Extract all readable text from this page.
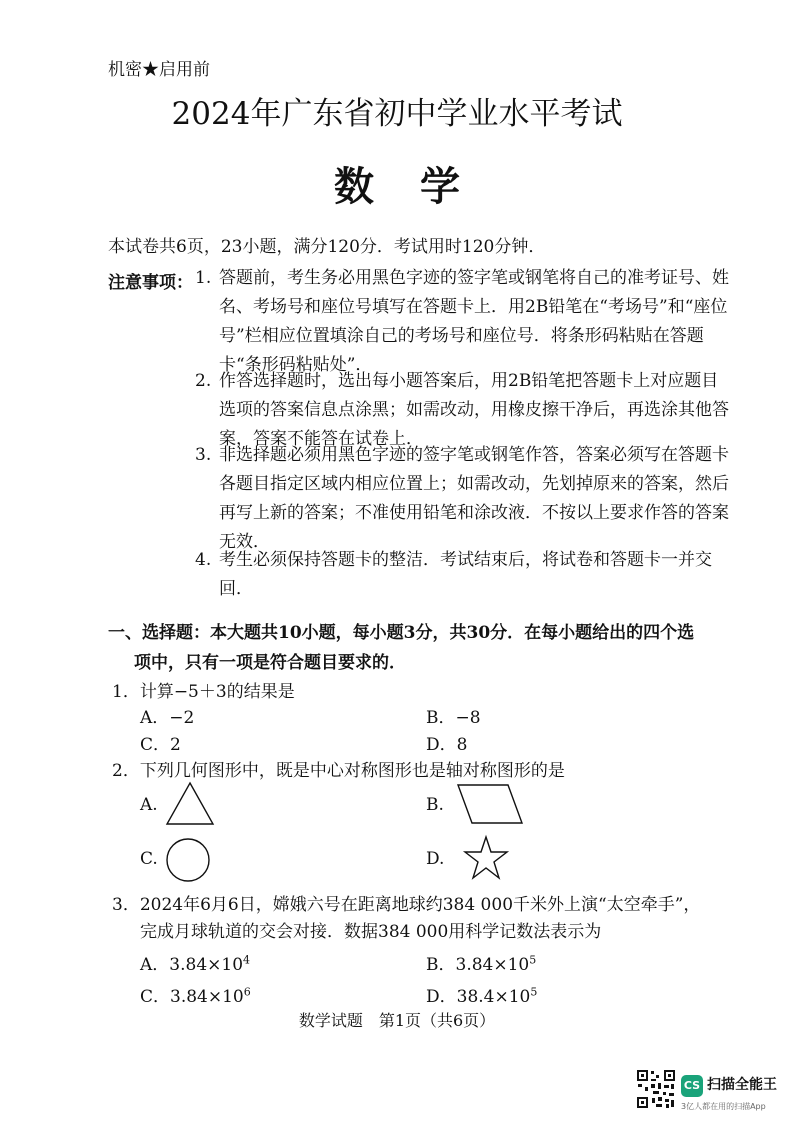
机密★启用前
2024年广东省初中学业水平考试
数学
本试卷共6页，23小题，满分120分．考试用时120分钟．
注意事项： 1. 答题前，考生务必用黑色字迹的签字笔或钢笔将自己的准考证号、姓名、考场号和座位号填写在答题卡上．用2B铅笔在“考场号”和“座位号”栏相应位置填涂自己的考场号和座位号．将条形码粘贴在答题卡“条形码粘贴处”．
2. 作答选择题时，选出每小题答案后，用2B铅笔把答题卡上对应题目选项的答案信息点涂黑；如需改动，用橡皮擦干净后，再选涂其他答案，答案不能答在试卷上．
3. 非选择题必须用黑色字迹的签字笔或钢笔作答，答案必须写在答题卡各题目指定区域内相应位置上；如需改动，先划掉原来的答案，然后再写上新的答案；不准使用铅笔和涂改液．不按以上要求作答的答案无效．
4. 考生必须保持答题卡的整洁．考试结束后，将试卷和答题卡一并交回．
一、选择题：本大题共10小题，每小题3分，共30分．在每小题给出的四个选
项中，只有一项是符合题目要求的．
1．计算−5＋3的结果是
A．−2	B．−8
C．2	D．8
2．下列几何图形中，既是中心对称图形也是轴对称图形的是
A.	B.
C.	D.
3．2024年6月6日，嫦娥六号在距离地球约384 000千米外上演“太空牵手”，
完成月球轨道的交会对接．数据384 000用科学记数法表示为
A．$3.84\times 10^4$	B．$3.84\times 10^5$
C．$3.84\times 10^6$	D．$38.4\times 10^5$
数学试题　第1页（共6页）
CS 扫描全能王
3亿人都在用的扫描App
